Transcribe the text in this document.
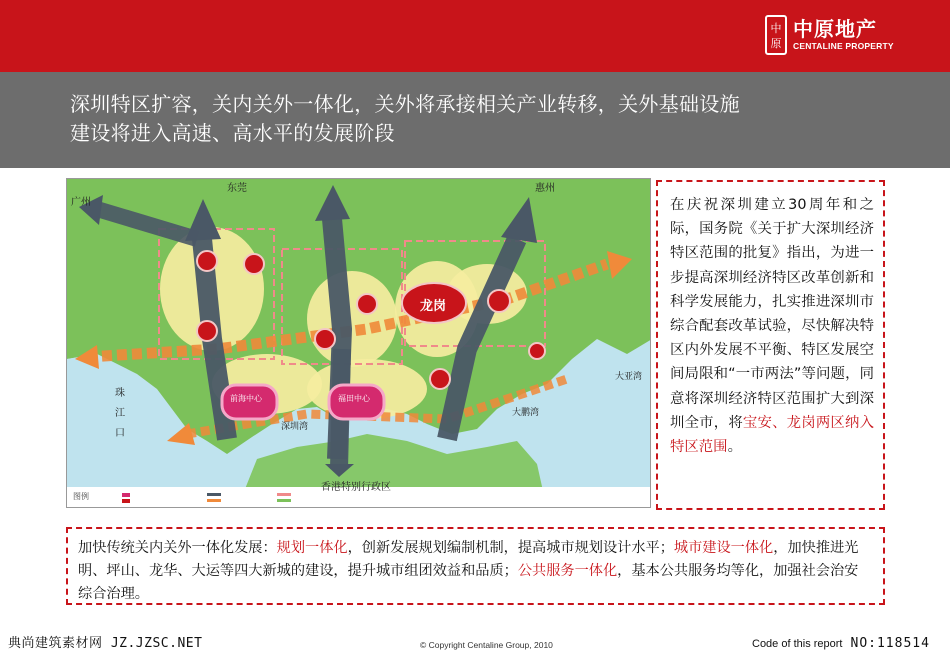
中
原
中原地产
CENTALINE PROPERTY
深圳特区扩容，关内关外一体化，关外将承接相关产业转移，关外基础设施
建设将进入高速、高水平的发展阶段
广州
东莞	惠州
珠
江
口
大亚湾
大鹏湾
深圳湾
香港特别行政区
龙岗
前海中心	福田中心
图例
在庆祝深圳建立30周年和之际，国务院《关于扩大深圳经济特区范围的批复》指出，为进一步提高深圳经济特区改革创新和科学发展能力，扎实推进深圳市综合配套改革试验，尽快解决特区内外发展不平衡、特区发展空间局限和“一市两法”等问题，同意将深圳经济特区范围扩大到深圳全市，将宝安、龙岗两区纳入特区范围。
加快传统关内关外一体化发展：规划一体化，创新发展规划编制机制，提高城市规划设计水平；城市建设一体化，加快推进光明、坪山、龙华、大运等四大新城的建设，提升城市组团效益和品质；公共服务一体化，基本公共服务均等化，加强社会治安综合治理。
典尚建筑素材网 JZ.JZSC.NET	© Copyright Centaline Group, 2010	Code of this report NO:118514
